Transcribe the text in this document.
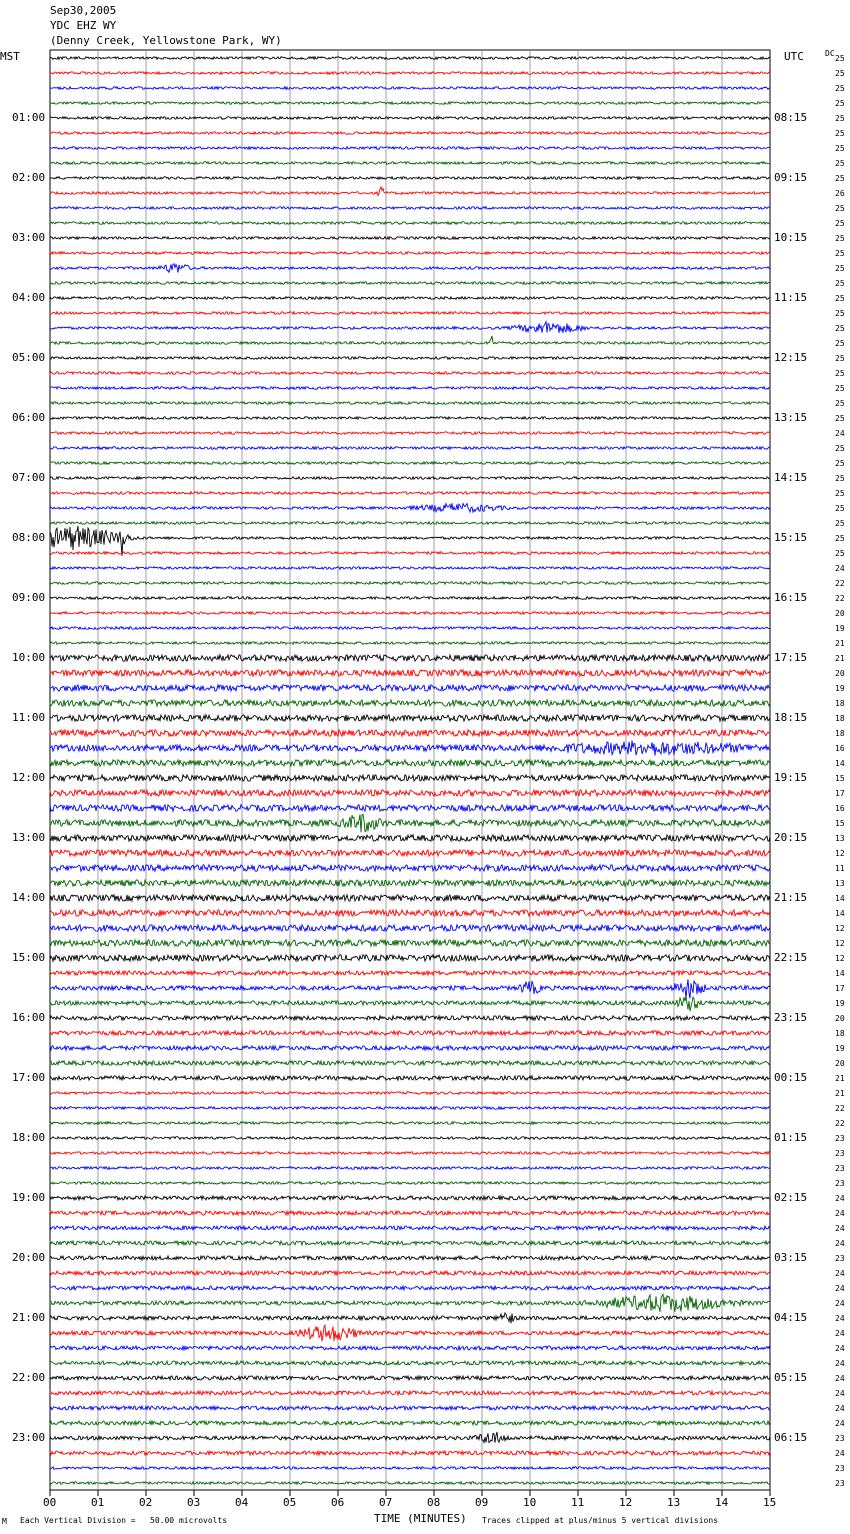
Sep30,2005
YDC EHZ WY
(Denny Creek, Yellowstone Park, WY)
MST	UTC	DC
01:00
02:00
03:00
04:00
05:00
06:00
07:00
08:00
09:00
10:00
11:00
12:00
13:00
14:00
15:00
16:00
17:00
18:00
19:00
20:00
21:00
22:00
23:00
08:15
09:15
10:15
11:15
12:15
13:15
14:15
15:15
16:15
17:15
18:15
19:15
20:15
21:15
22:15
23:15
00:15
01:15
02:15
03:15
04:15
05:15
06:15
25
25
25
25
25
25
25
25
25
26
25
25
25
25
25
25
25
25
25
25
25
25
25
25
25
24
25
25
25
25
25
25
25
25
24
22
22
20
19
21
21
20
19
18
18
18
16
14
15
17
16
15
13
12
11
13
14
14
12
12
12
14
17
19
20
18
19
20
21
21
22
22
23
23
23
23
24
24
24
24
23
24
24
24
24
24
24
24
24
24
24
24
23
24
23
23
00	01	02	03	04	05	06	07	08	09	10	11	12	13	14	15
M Each Vertical Division =   50.00 microvolts	TIME (MINUTES) Traces clipped at plus/minus 5 vertical divisions
